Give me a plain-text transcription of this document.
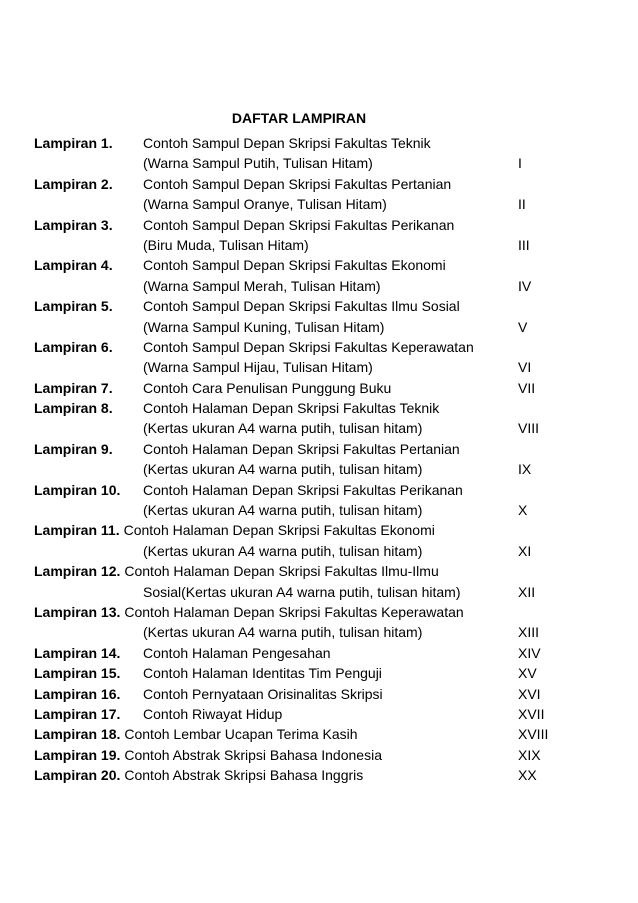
DAFTAR LAMPIRAN
Lampiran 1. Contoh Sampul Depan Skripsi Fakultas Teknik
(Warna Sampul Putih, Tulisan Hitam)	I
Lampiran 2. Contoh Sampul Depan Skripsi Fakultas Pertanian
(Warna Sampul Oranye, Tulisan Hitam)	II
Lampiran 3. Contoh Sampul Depan Skripsi Fakultas Perikanan
(Biru Muda, Tulisan Hitam)	III
Lampiran 4. Contoh Sampul Depan Skripsi Fakultas Ekonomi
(Warna Sampul Merah, Tulisan Hitam)	IV
Lampiran 5. Contoh Sampul Depan Skripsi Fakultas Ilmu Sosial
(Warna Sampul Kuning, Tulisan Hitam)	V
Lampiran 6. Contoh Sampul Depan Skripsi Fakultas Keperawatan
(Warna Sampul Hijau, Tulisan Hitam)	VI
Lampiran 7. Contoh Cara Penulisan Punggung Buku	VII
Lampiran 8. Contoh Halaman Depan Skripsi Fakultas Teknik
(Kertas ukuran A4 warna putih, tulisan hitam)	VIII
Lampiran 9. Contoh Halaman Depan Skripsi Fakultas Pertanian
(Kertas ukuran A4 warna putih, tulisan hitam)	IX
Lampiran 10. Contoh Halaman Depan Skripsi Fakultas Perikanan
(Kertas ukuran A4 warna putih, tulisan hitam)	X
Lampiran 11. Contoh Halaman Depan Skripsi Fakultas Ekonomi
(Kertas ukuran A4 warna putih, tulisan hitam)	XI
Lampiran 12. Contoh Halaman Depan Skripsi Fakultas Ilmu-Ilmu
Sosial(Kertas ukuran A4 warna putih, tulisan hitam)	XII
Lampiran 13. Contoh Halaman Depan Skripsi Fakultas Keperawatan
(Kertas ukuran A4 warna putih, tulisan hitam)	XIII
Lampiran 14. Contoh Halaman Pengesahan	XIV
Lampiran 15. Contoh Halaman Identitas Tim Penguji	XV
Lampiran 16. Contoh Pernyataan Orisinalitas Skripsi	XVI
Lampiran 17. Contoh Riwayat Hidup	XVII
Lampiran 18. Contoh Lembar Ucapan Terima Kasih	XVIII
Lampiran 19. Contoh Abstrak Skripsi Bahasa Indonesia	XIX
Lampiran 20. Contoh Abstrak Skripsi Bahasa Inggris	XX
